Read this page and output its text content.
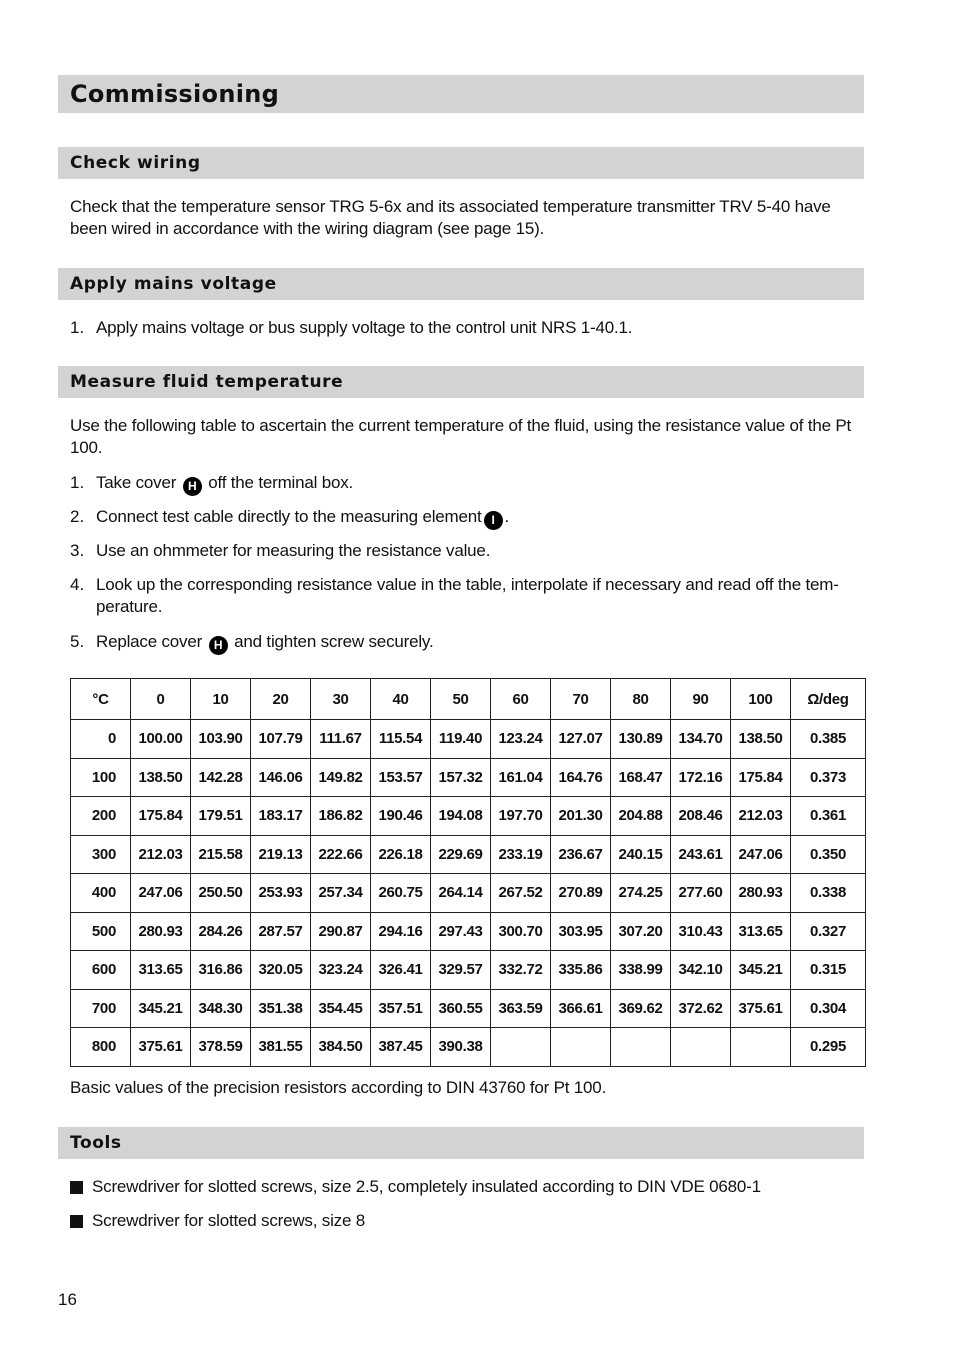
Commissioning
Check wiring

Check that the temperature sensor TRG 5-6x and its associated temperature transmitter TRV 5-40 have been wired in accordance with the wiring diagram (see page 15).

Apply mains voltage
1. Apply mains voltage or bus supply voltage to the control unit NRS 1-40.1.
Measure fluid temperature

Use the following table to ascertain the current temperature of the fluid, using the resistance value of the Pt 100.

1. Take cover H off the terminal box.
2. Connect test cable directly to the measuring element I .
3. Use an ohmmeter for measuring the resistance value.
4. Look up the corresponding resistance value in the table, interpolate if necessary and read off the temperature.
5. Replace cover H and tighten screw securely.
°C	0	10	20	30	40	50	60	70	80	90	100	Ω/deg
0	100.00	103.90	107.79	111.67	115.54	119.40	123.24	127.07	130.89	134.70	138.50	0.385
100	138.50	142.28	146.06	149.82	153.57	157.32	161.04	164.76	168.47	172.16	175.84	0.373
200	175.84	179.51	183.17	186.82	190.46	194.08	197.70	201.30	204.88	208.46	212.03	0.361
300	212.03	215.58	219.13	222.66	226.18	229.69	233.19	236.67	240.15	243.61	247.06	0.350
400	247.06	250.50	253.93	257.34	260.75	264.14	267.52	270.89	274.25	277.60	280.93	0.338
500	280.93	284.26	287.57	290.87	294.16	297.43	300.70	303.95	307.20	310.43	313.65	0.327
600	313.65	316.86	320.05	323.24	326.41	329.57	332.72	335.86	338.99	342.10	345.21	0.315
700	345.21	348.30	351.38	354.45	357.51	360.55	363.59	366.61	369.62	372.62	375.61	0.304
800	375.61	378.59	381.55	384.50	387.45	390.38						0.295
Basic values of the precision resistors according to DIN 43760 for Pt 100.
Tools
Screwdriver for slotted screws, size 2.5, completely insulated according to DIN VDE 0680-1
Screwdriver for slotted screws, size 8
16
